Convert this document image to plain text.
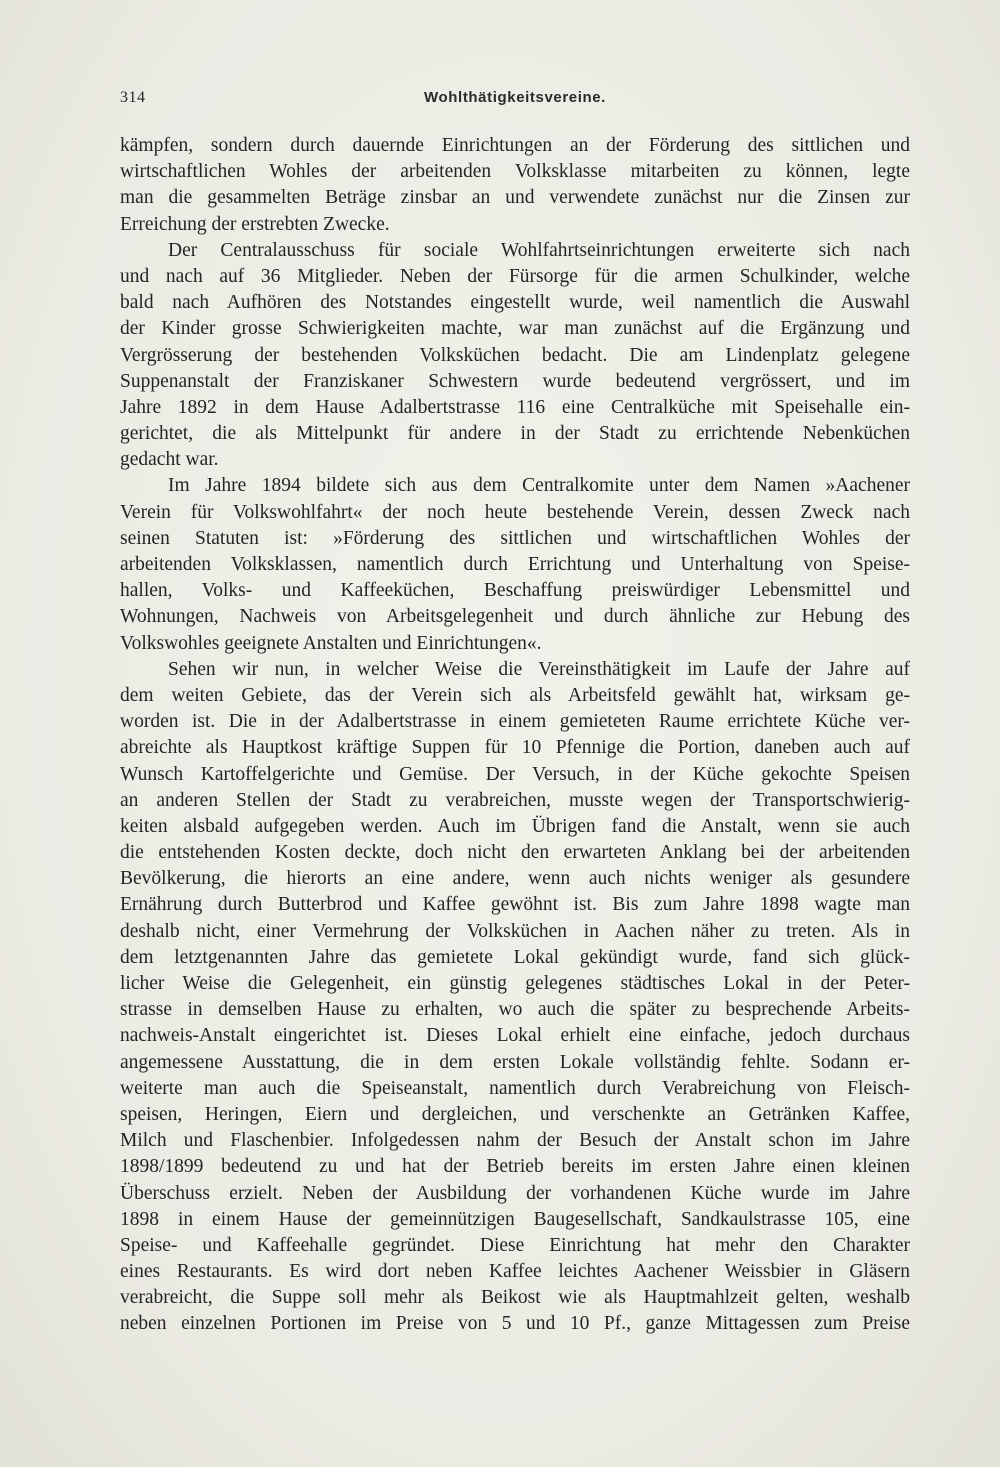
314	Wohlthätigkeitsvereine.
kämpfen, sondern durch dauernde Einrichtungen an der Förderung des sittlichen und
wirtschaftlichen Wohles der arbeitenden Volksklasse mitarbeiten zu können, legte
man die gesammelten Beträge zinsbar an und verwendete zunächst nur die Zinsen zur
Erreichung der erstrebten Zwecke.
Der Centralausschuss für sociale Wohlfahrtseinrichtungen erweiterte sich nach
und nach auf 36 Mitglieder. Neben der Fürsorge für die armen Schulkinder, welche
bald nach Aufhören des Notstandes eingestellt wurde, weil namentlich die Auswahl
der Kinder grosse Schwierigkeiten machte, war man zunächst auf die Ergänzung und
Vergrösserung der bestehenden Volksküchen bedacht. Die am Lindenplatz gelegene
Suppenanstalt der Franziskaner Schwestern wurde bedeutend vergrössert, und im
Jahre 1892 in dem Hause Adalbertstrasse 116 eine Centralküche mit Speisehalle ein-
gerichtet, die als Mittelpunkt für andere in der Stadt zu errichtende Nebenküchen
gedacht war.
Im Jahre 1894 bildete sich aus dem Centralkomite unter dem Namen »Aachener
Verein für Volkswohlfahrt« der noch heute bestehende Verein, dessen Zweck nach
seinen Statuten ist: »Förderung des sittlichen und wirtschaftlichen Wohles der
arbeitenden Volksklassen, namentlich durch Errichtung und Unterhaltung von Speise-
hallen, Volks- und Kaffeeküchen, Beschaffung preiswürdiger Lebensmittel und
Wohnungen, Nachweis von Arbeitsgelegenheit und durch ähnliche zur Hebung des
Volkswohles geeignete Anstalten und Einrichtungen«.
Sehen wir nun, in welcher Weise die Vereinsthätigkeit im Laufe der Jahre auf
dem weiten Gebiete, das der Verein sich als Arbeitsfeld gewählt hat, wirksam ge-
worden ist. Die in der Adalbertstrasse in einem gemieteten Raume errichtete Küche ver-
abreichte als Hauptkost kräftige Suppen für 10 Pfennige die Portion, daneben auch auf
Wunsch Kartoffelgerichte und Gemüse. Der Versuch, in der Küche gekochte Speisen
an anderen Stellen der Stadt zu verabreichen, musste wegen der Transportschwierig-
keiten alsbald aufgegeben werden. Auch im Übrigen fand die Anstalt, wenn sie auch
die entstehenden Kosten deckte, doch nicht den erwarteten Anklang bei der arbeitenden
Bevölkerung, die hierorts an eine andere, wenn auch nichts weniger als gesundere
Ernährung durch Butterbrod und Kaffee gewöhnt ist. Bis zum Jahre 1898 wagte man
deshalb nicht, einer Vermehrung der Volksküchen in Aachen näher zu treten. Als in
dem letztgenannten Jahre das gemietete Lokal gekündigt wurde, fand sich glück-
licher Weise die Gelegenheit, ein günstig gelegenes städtisches Lokal in der Peter-
strasse in demselben Hause zu erhalten, wo auch die später zu besprechende Arbeits-
nachweis-Anstalt eingerichtet ist. Dieses Lokal erhielt eine einfache, jedoch durchaus
angemessene Ausstattung, die in dem ersten Lokale vollständig fehlte. Sodann er-
weiterte man auch die Speiseanstalt, namentlich durch Verabreichung von Fleisch-
speisen, Heringen, Eiern und dergleichen, und verschenkte an Getränken Kaffee,
Milch und Flaschenbier. Infolgedessen nahm der Besuch der Anstalt schon im Jahre
1898/1899 bedeutend zu und hat der Betrieb bereits im ersten Jahre einen kleinen
Überschuss erzielt. Neben der Ausbildung der vorhandenen Küche wurde im Jahre
1898 in einem Hause der gemeinnützigen Baugesellschaft, Sandkaulstrasse 105, eine
Speise- und Kaffeehalle gegründet. Diese Einrichtung hat mehr den Charakter
eines Restaurants. Es wird dort neben Kaffee leichtes Aachener Weissbier in Gläsern
verabreicht, die Suppe soll mehr als Beikost wie als Hauptmahlzeit gelten, weshalb
neben einzelnen Portionen im Preise von 5 und 10 Pf., ganze Mittagessen zum Preise
